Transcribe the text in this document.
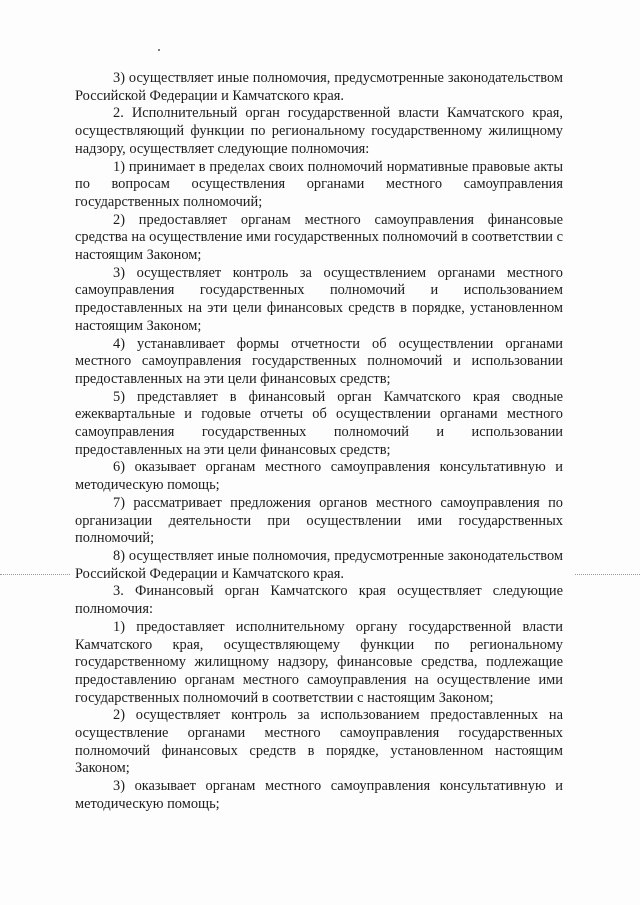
3) осуществляет иные полномочия, предусмотренные законодательством Российской Федерации и Камчатского края.

2. Исполнительный орган государственной власти Камчатского края, осуществляющий функции по региональному государственному жилищному надзору, осуществляет следующие полномочия:

1) принимает в пределах своих полномочий нормативные правовые акты по вопросам осуществления органами местного самоуправления государственных полномочий;

2) предоставляет органам местного самоуправления финансовые средства на осуществление ими государственных полномочий в соответствии с настоящим Законом;

3) осуществляет контроль за осуществлением органами местного самоуправления государственных полномочий и использованием предоставленных на эти цели финансовых средств в порядке, установленном настоящим Законом;

4) устанавливает формы отчетности об осуществлении органами местного самоуправления государственных полномочий и использовании предоставленных на эти цели финансовых средств;

5) представляет в финансовый орган Камчатского края сводные ежеквартальные и годовые отчеты об осуществлении органами местного самоуправления государственных полномочий и использовании предоставленных на эти цели финансовых средств;

6) оказывает органам местного самоуправления консультативную и методическую помощь;

7) рассматривает предложения органов местного самоуправления по организации деятельности при осуществлении ими государственных полномочий;

8) осуществляет иные полномочия, предусмотренные законодательством Российской Федерации и Камчатского края.

3. Финансовый орган Камчатского края осуществляет следующие полномочия:

1) предоставляет исполнительному органу государственной власти Камчатского края, осуществляющему функции по региональному государственному жилищному надзору, финансовые средства, подлежащие предоставлению органам местного самоуправления на осуществление ими государственных полномочий в соответствии с настоящим Законом;

2) осуществляет контроль за использованием предоставленных на осуществление органами местного самоуправления государственных полномочий финансовых средств в порядке, установленном настоящим Законом;

3) оказывает органам местного самоуправления консультативную и методическую помощь;
